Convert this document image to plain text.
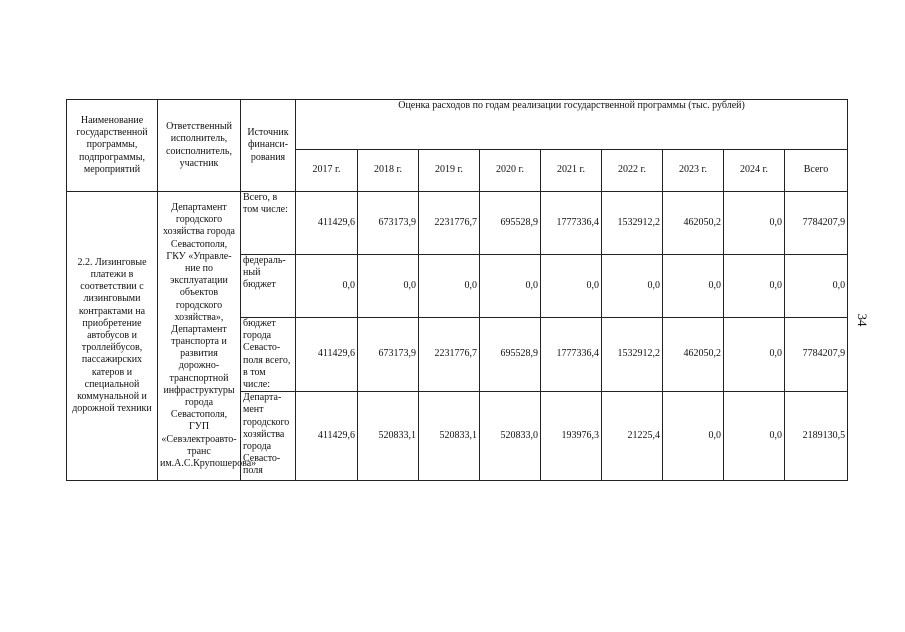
Наименование государственной программы, подпрограммы, мероприятий	Ответственный исполнитель, соисполнитель, участник	Источник финанси-рования	Оценка расходов по годам реализации государственной программы (тыс. рублей)								
			2017 г.	2018 г.	2019 г.	2020 г.	2021 г.	2022 г.	2023 г.	2024 г.	Всего
2.2. Лизинговые платежи в соответствии с лизинговыми контрактами на приобретение автобусов и троллейбусов, пассажирских катеров и специальной коммунальной и дорожной техники	Департамент городского хозяйства города Севастополя, ГКУ «Управле-ние по эксплуатации объектов городского хозяйства», Департамент транспорта и развития дорожно-транспортной инфраструктуры города Севастополя, ГУП «Севэлектроавто-транс им.А.С.Крупошерова»	Всего, в том числе:	411429,6	673173,9	2231776,7	695528,9	1777336,4	1532912,2	462050,2	0,0	7784207,9
		федераль-ный бюджет	0,0	0,0	0,0	0,0	0,0	0,0	0,0	0,0	0,0
		бюджет города Севасто-поля всего, в том числе:	411429,6	673173,9	2231776,7	695528,9	1777336,4	1532912,2	462050,2	0,0	7784207,9
		Департа-мент городского хозяйства города Севасто-поля	411429,6	520833,1	520833,1	520833,0	193976,3	21225,4	0,0	0,0	2189130,5
34
